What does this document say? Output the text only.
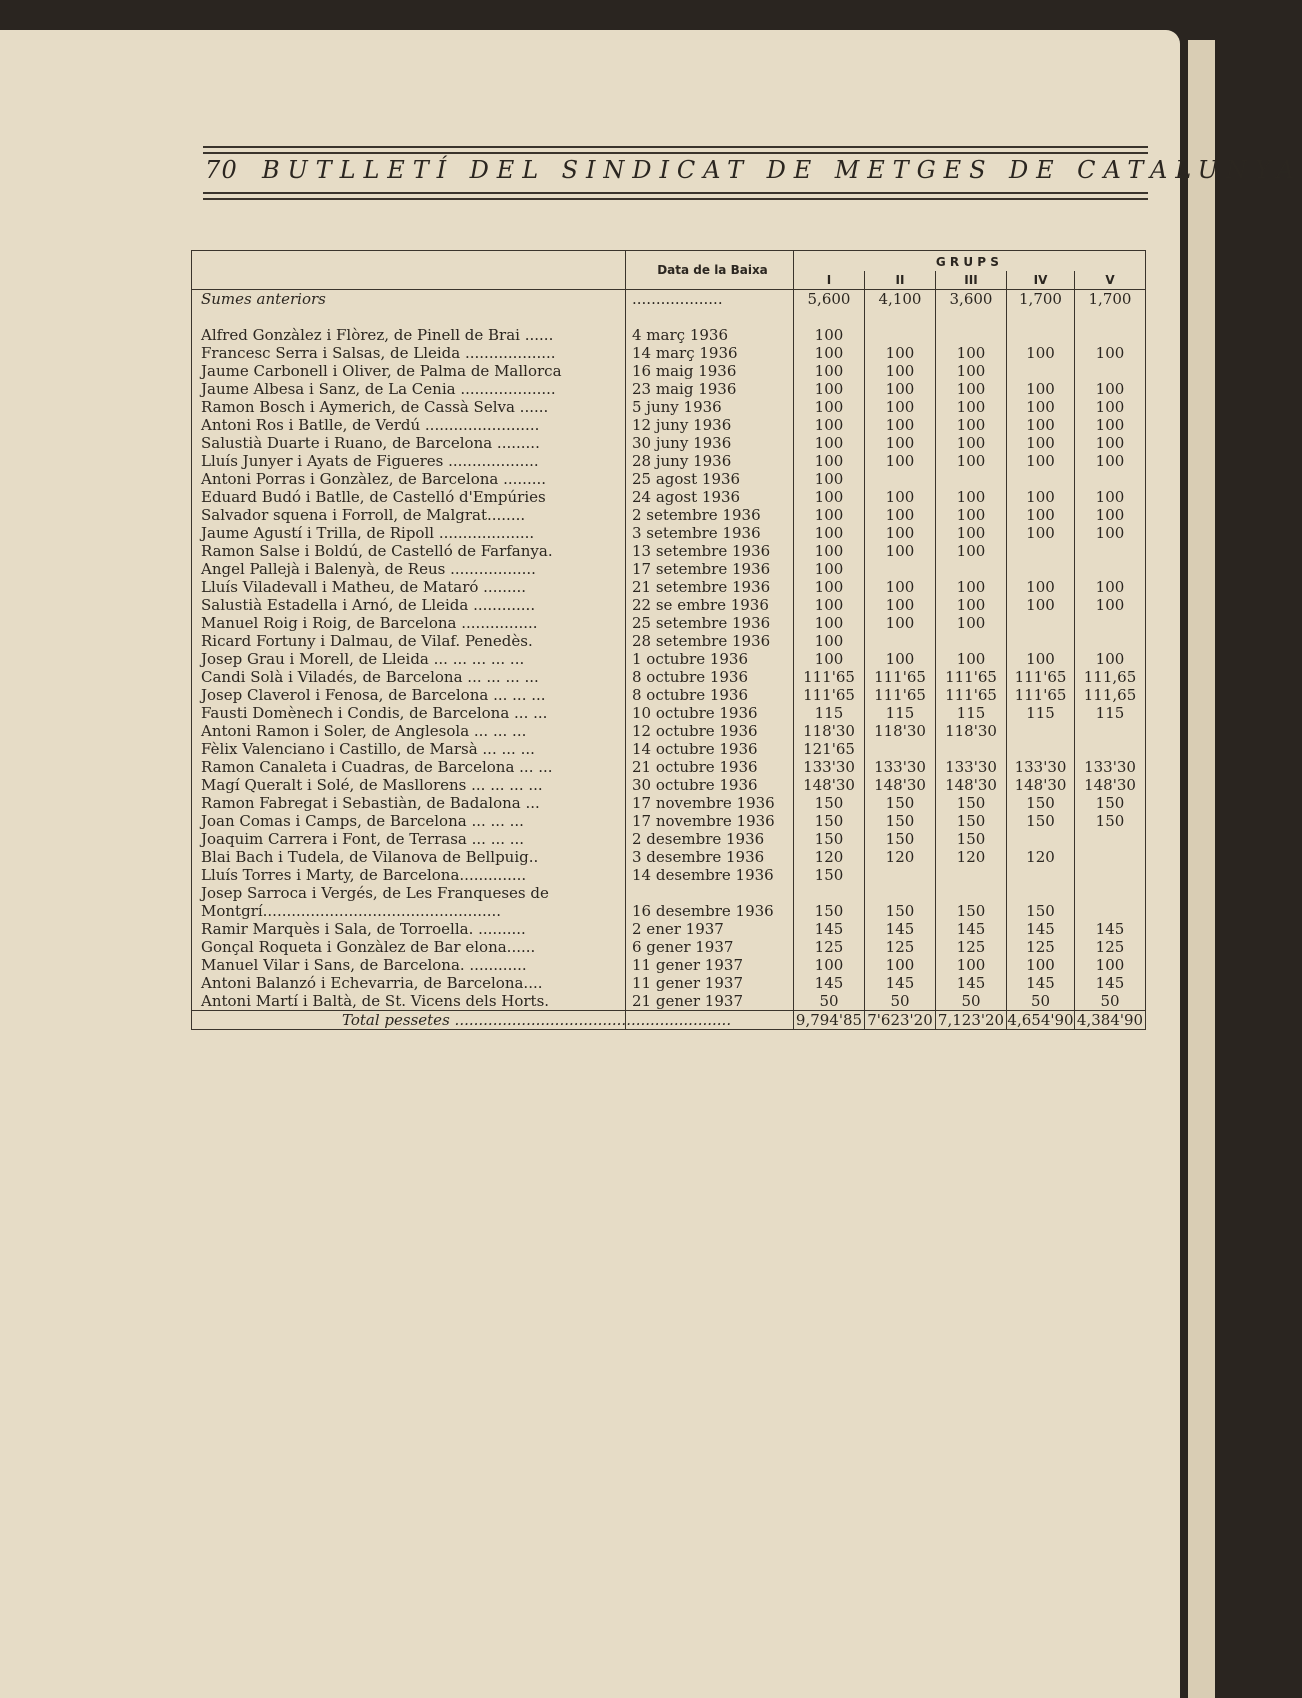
70 BUTLLETÍ DEL SINDICAT DE METGES DE CATALUNYA
	Data de la Baixa	GRUPS				
		I	II	III	IV	V
Sumes anteriors	...................	5,600	4,100	3,600	1,700	1,700

Alfred Gonzàlez i Flòrez, de Pinell de Brai ......	4 març 1936	100				
Francesc Serra i Salsas, de Lleida ...................	14 març 1936	100	100	100	100	100
Jaume Carbonell i Oliver, de Palma de Mallorca	16 maig 1936	100	100	100		
Jaume Albesa i Sanz, de La Cenia ....................	23 maig 1936	100	100	100	100	100
Ramon Bosch i Aymerich, de Cassà Selva ......	5 juny 1936	100	100	100	100	100
Antoni Ros i Batlle, de Verdú ........................	12 juny 1936	100	100	100	100	100
Salustià Duarte i Ruano, de Barcelona .........	30 juny 1936	100	100	100	100	100
Lluís Junyer i Ayats de Figueres ...................	28 juny 1936	100	100	100	100	100
Antoni Porras i Gonzàlez, de Barcelona .........	25 agost 1936	100				
Eduard Budó i Batlle, de Castelló d'Empúries	24 agost 1936	100	100	100	100	100
Salvador squena i Forroll, de Malgrat........	2 setembre 1936	100	100	100	100	100
Jaume Agustí i Trilla, de Ripoll ....................	3 setembre 1936	100	100	100	100	100
Ramon Salse i Boldú, de Castelló de Farfanya.	13 setembre 1936	100	100	100		
Angel Pallejà i Balenyà, de Reus ..................	17 setembre 1936	100				
Lluís Viladevall i Matheu, de Mataró .........	21 setembre 1936	100	100	100	100	100
Salustià Estadella i Arnó, de Lleida .............	22 se embre 1936	100	100	100	100	100
Manuel Roig i Roig, de Barcelona ................	25 setembre 1936	100	100	100		
Ricard Fortuny i Dalmau, de Vilaf. Penedès.	28 setembre 1936	100				
Josep Grau i Morell, de Lleida ... ... ... ... ...	1 octubre 1936	100	100	100	100	100
Candi Solà i Viladés, de Barcelona ... ... ... ...	8 octubre 1936	111'65	111'65	111'65	111'65	111,65
Josep Claverol i Fenosa, de Barcelona ... ... ...	8 octubre 1936	111'65	111'65	111'65	111'65	111,65
Fausti Domènech i Condis, de Barcelona ... ...	10 octubre 1936	115	115	115	115	115
Antoni Ramon i Soler, de Anglesola ... ... ...	12 octubre 1936	118'30	118'30	118'30		
Fèlix Valenciano i Castillo, de Marsà ... ... ...	14 octubre 1936	121'65				
Ramon Canaleta i Cuadras, de Barcelona ... ...	21 octubre 1936	133'30	133'30	133'30	133'30	133'30
Magí Queralt i Solé, de Masllorens ... ... ... ...	30 octubre 1936	148'30	148'30	148'30	148'30	148'30
Ramon Fabregat i Sebastiàn, de Badalona ...	17 novembre 1936	150	150	150	150	150
Joan Comas i Camps, de Barcelona ... ... ...	17 novembre 1936	150	150	150	150	150
Joaquim Carrera i Font, de Terrasa ... ... ...	2 desembre 1936	150	150	150		
Blai Bach i Tudela, de Vilanova de Bellpuig..	3 desembre 1936	120	120	120	120	
Lluís Torres i Marty, de Barcelona..............	14 desembre 1936	150				
Josep Sarroca i Vergés, de Les Franqueses de						
Montgrí..................................................	16 desembre 1936	150	150	150	150	
Ramir Marquès i Sala, de Torroella. ..........	2 ener 1937	145	145	145	145	145
Gonçal Roqueta i Gonzàlez de Bar elona......	6 gener 1937	125	125	125	125	125
Manuel Vilar i Sans, de Barcelona. ............	11 gener 1937	100	100	100	100	100
Antoni Balanzó i Echevarria, de Barcelona....	11 gener 1937	145	145	145	145	145
Antoni Martí i Baltà, de St. Vicens dels Horts.	21 gener 1937	50	50	50	50	50
Total pessetes ..........................................................		9,794'85	7'623'20	7,123'20	4,654'90	4,384'90
